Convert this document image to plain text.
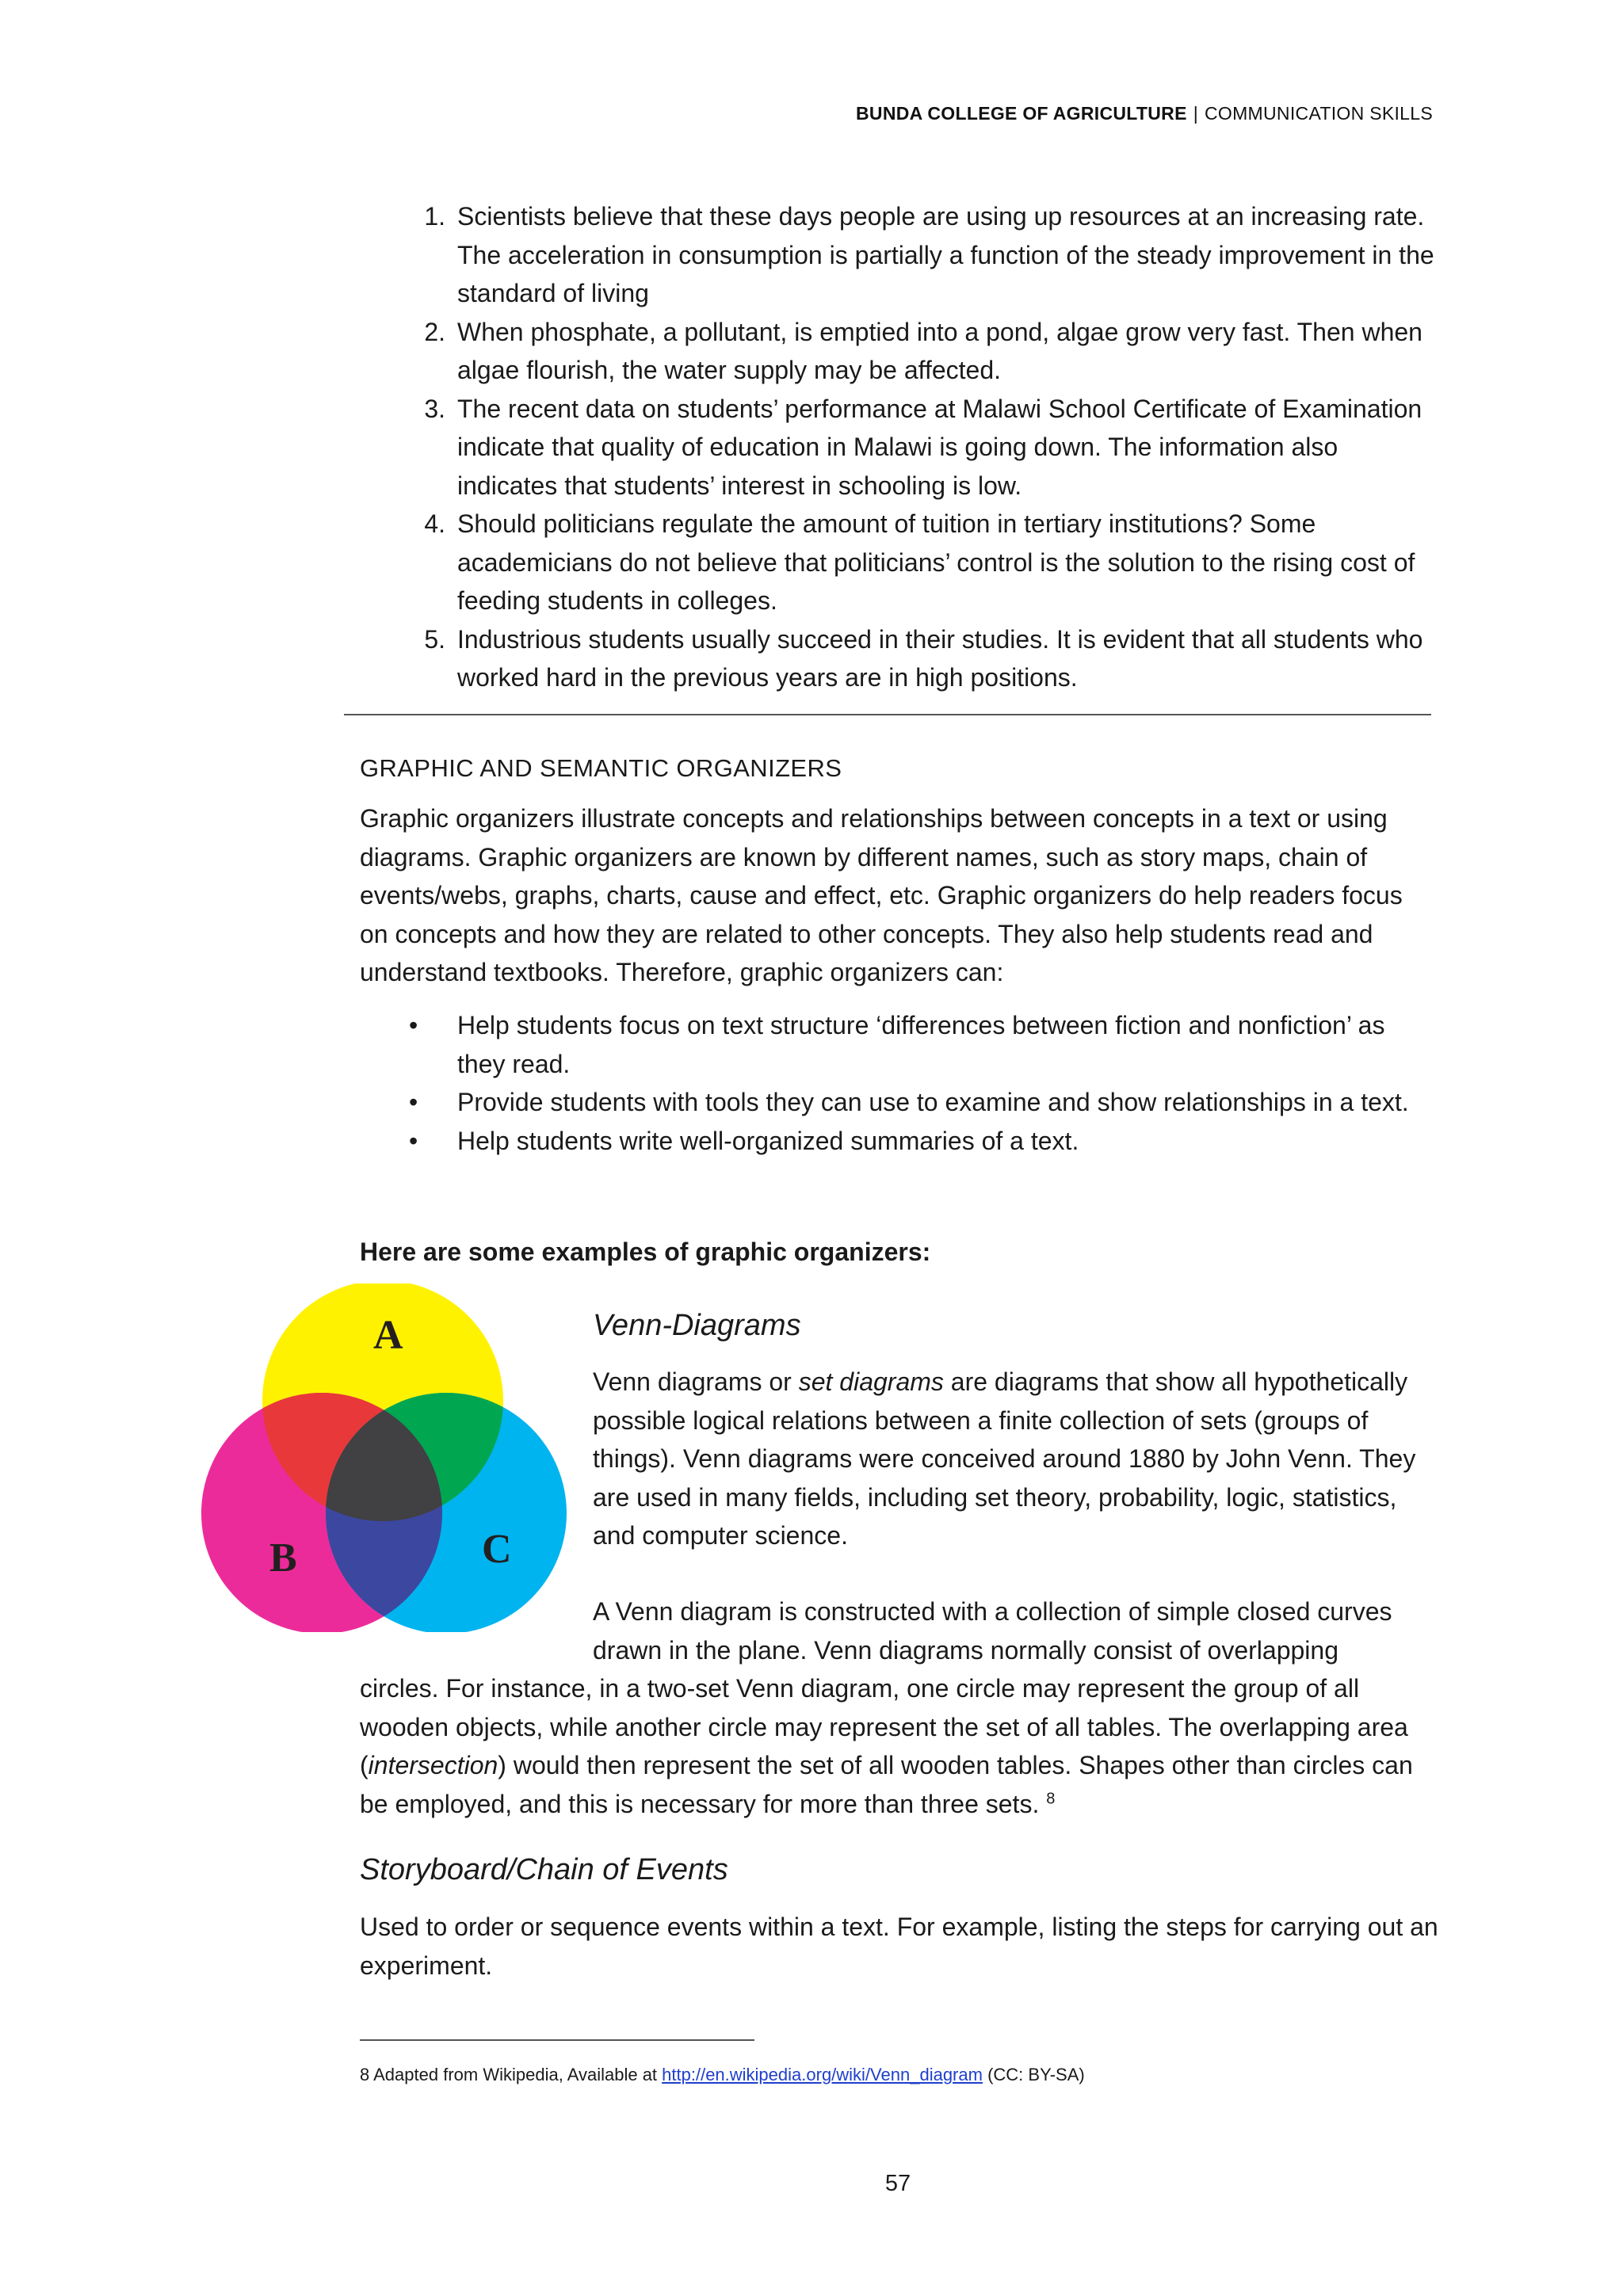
BUNDA COLLEGE OF AGRICULTURE | COMMUNICATION SKILLS
1. Scientists believe that these days people are using up resources at an increasing rate. The acceleration in consumption is partially a function of the steady improvement in the standard of living
2. When phosphate, a pollutant, is emptied into a pond, algae grow very fast. Then when algae flourish, the water supply may be affected.
3. The recent data on students’ performance at Malawi School Certificate of Examination indicate that quality of education in Malawi is going down. The information also indicates that students’ interest in schooling is low.
4. Should politicians regulate the amount of tuition in tertiary institutions? Some academicians do not believe that politicians’ control is the solution to the rising cost of feeding students in colleges.
5. Industrious students usually succeed in their studies. It is evident that all students who worked hard in the previous years are in high positions.
GRAPHIC AND SEMANTIC ORGANIZERS

Graphic organizers illustrate concepts and relationships between concepts in a text or using diagrams. Graphic organizers are known by different names, such as story maps, chain of events/webs, graphs, charts, cause and effect, etc. Graphic organizers do help readers focus on concepts and how they are related to other concepts. They also help students read and understand textbooks. Therefore, graphic organizers can:

• Help students focus on text structure ‘differences between fiction and nonfiction’ as they read.
• Provide students with tools they can use to examine and show relationships in a text.
• Help students write well-organized summaries of a text.
Here are some examples of graphic organizers:
A
B	C
Venn-Diagrams

Venn diagrams or set diagrams are diagrams that show all hypothetically possible logical relations between a finite collection of sets (groups of things). Venn diagrams were conceived around 1880 by John Venn. They are used in many fields, including set theory, probability, logic, statistics, and computer science.

A Venn diagram is constructed with a collection of simple closed curves drawn in the plane. Venn diagrams normally consist of overlapping

circles. For instance, in a two-set Venn diagram, one circle may represent the group of all wooden objects, while another circle may represent the set of all tables. The overlapping area (intersection) would then represent the set of all wooden tables. Shapes other than circles can be employed, and this is necessary for more than three sets. $^8$

Storyboard/Chain of Events

Used to order or sequence events within a text. For example, listing the steps for carrying out an experiment.

8 Adapted from Wikipedia, Available at http://en.wikipedia.org/wiki/Venn_diagram (CC: BY-SA)
57
